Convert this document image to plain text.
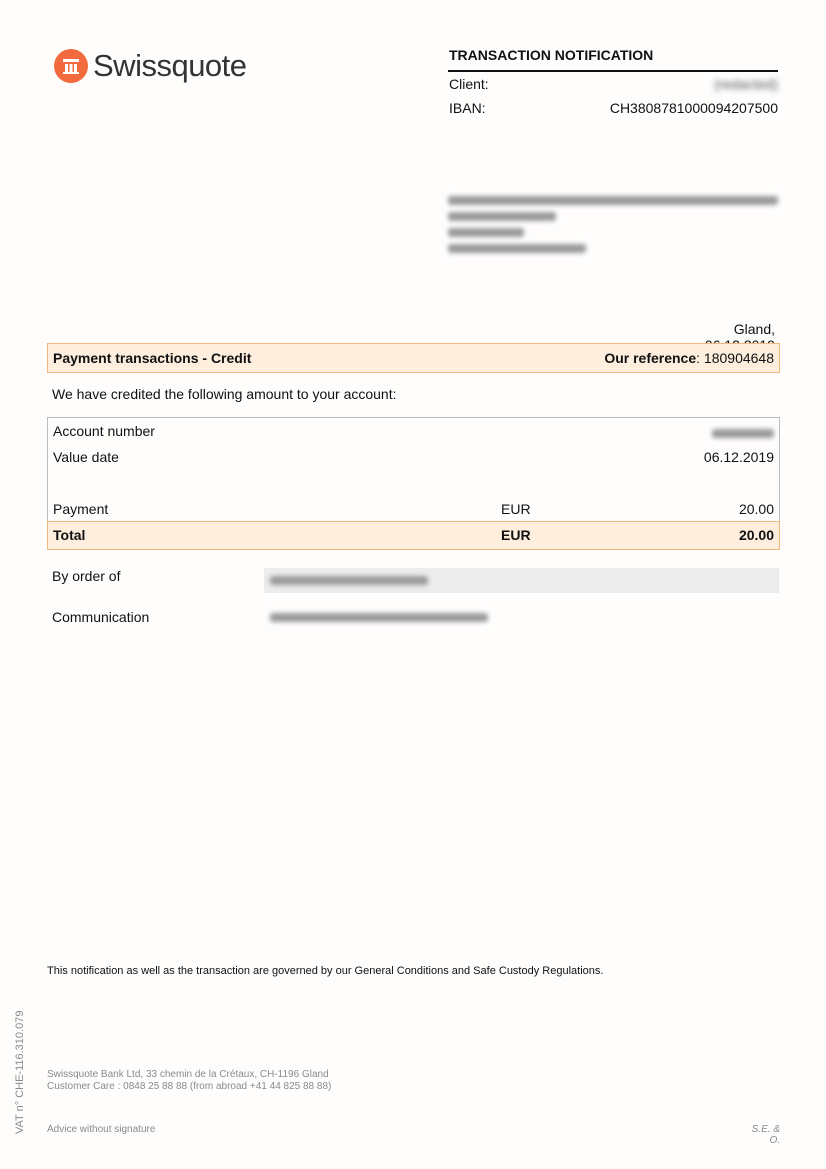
Swissquote	TRANSACTION NOTIFICATION
Client:	(redacted)
IBAN:	CH3808781000094207500
Gland,
Payment transactions - Credit	Our reference: 180904648
We have credited the following amount to your account:
Account number
Value date	06.12.2019
Payment	EUR	20.00
Total	EUR	20.00
By order of
Communication
This notification as well as the transaction are governed by our General Conditions and Safe Custody Regulations.
Swissquote Bank Ltd, 33 chemin de la Crétaux, CH-1196 Gland
Customer Care : 0848 25 88 88 (from abroad +41 44 825 88 88)
Advice without signature	S.E. & O.
VAT n° CHE-116.310.079
